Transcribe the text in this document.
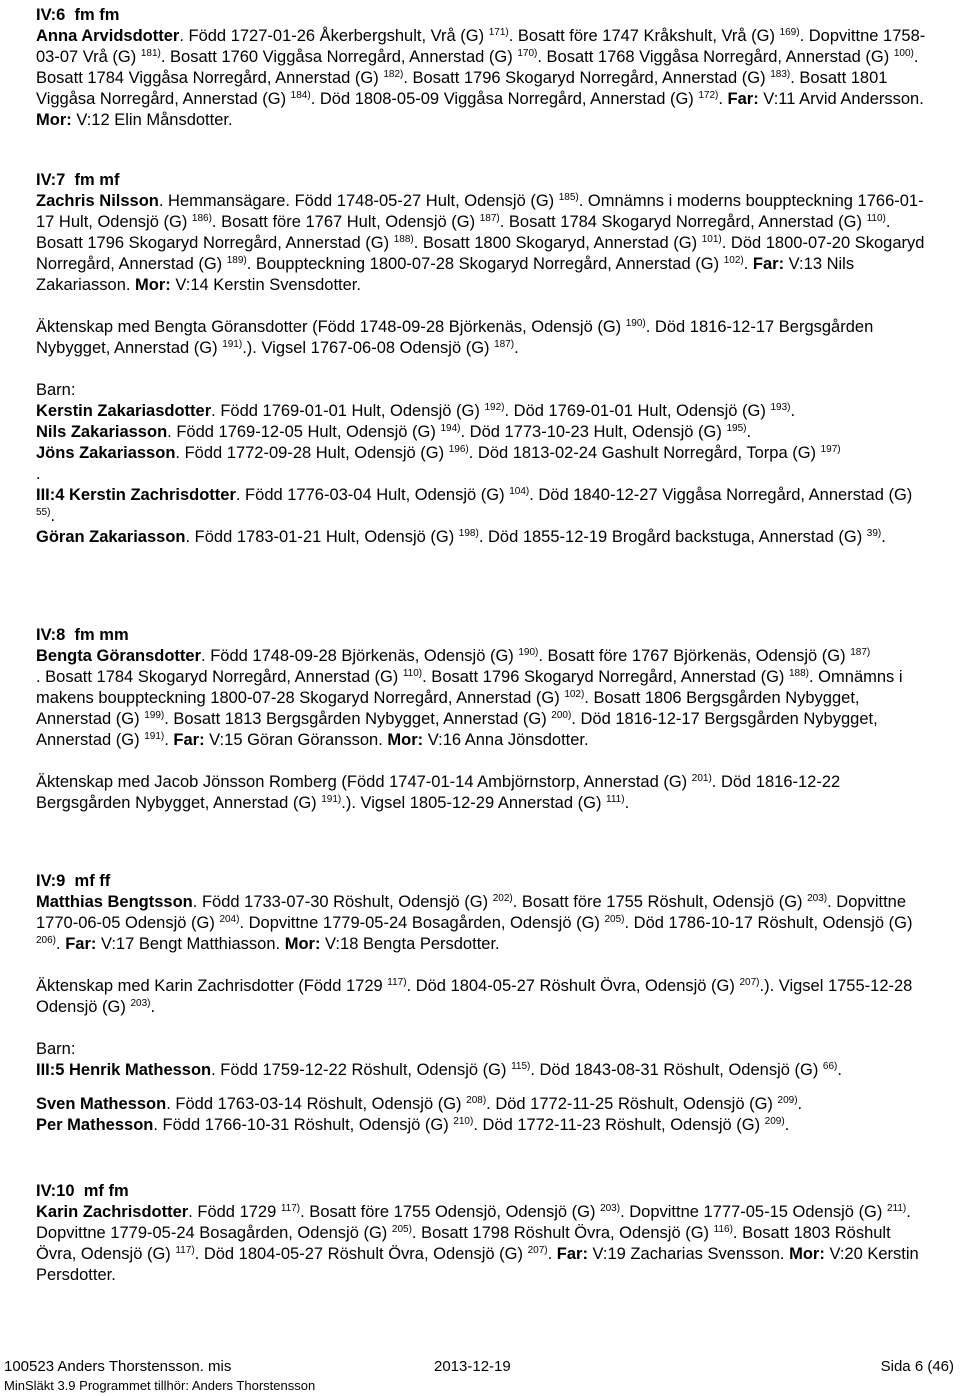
IV:6  fm fm

Anna Arvidsdotter. Född 1727-01-26 Åkerbergshult, Vrå (G) $^{171)}$. Bosatt före 1747 Kråkshult, Vrå (G) $^{169)}$. Dopvittne 1758-03-07 Vrå (G) $^{181)}$. Bosatt 1760 Viggåsa Norregård, Annerstad (G) $^{170)}$. Bosatt 1768 Viggåsa Norregård, Annerstad (G) $^{100)}$. Bosatt 1784 Viggåsa Norregård, Annerstad (G) $^{182)}$. Bosatt 1796 Skogaryd Norregård, Annerstad (G) $^{183)}$. Bosatt 1801 Viggåsa Norregård, Annerstad (G) $^{184)}$. Död 1808-05-09 Viggåsa Norregård, Annerstad (G) $^{172)}$. Far: V:11 Arvid Andersson. Mor: V:12 Elin Månsdotter.

IV:7  fm mf

Zachris Nilsson. Hemmansägare. Född 1748-05-27 Hult, Odensjö (G) $^{185)}$. Omnämns i moderns bouppteckning 1766-01-17 Hult, Odensjö (G) $^{186)}$. Bosatt före 1767 Hult, Odensjö (G) $^{187)}$. Bosatt 1784 Skogaryd Norregård, Annerstad (G) $^{110)}$. Bosatt 1796 Skogaryd Norregård, Annerstad (G) $^{188)}$. Bosatt 1800 Skogaryd, Annerstad (G) $^{101)}$. Död 1800-07-20 Skogaryd Norregård, Annerstad (G) $^{189)}$. Bouppteckning 1800-07-28 Skogaryd Norregård, Annerstad (G) $^{102)}$. Far: V:13 Nils Zakariasson. Mor: V:14 Kerstin Svensdotter.

Äktenskap med Bengta Göransdotter (Född 1748-09-28 Björkenäs, Odensjö (G) $^{190)}$. Död 1816-12-17 Bergsgården Nybygget, Annerstad (G) $^{191)}$.). Vigsel 1767-06-08 Odensjö (G) $^{187)}$.

Barn:
Kerstin Zakariasdotter. Född 1769-01-01 Hult, Odensjö (G) $^{192)}$. Död 1769-01-01 Hult, Odensjö (G) $^{193)}$.
Nils Zakariasson. Född 1769-12-05 Hult, Odensjö (G) $^{194)}$. Död 1773-10-23 Hult, Odensjö (G) $^{195)}$.
Jöns Zakariasson. Född 1772-09-28 Hult, Odensjö (G) $^{196)}$. Död 1813-02-24 Gashult Norregård, Torpa (G) $^{197)}$
.
III:4 Kerstin Zachrisdotter. Född 1776-03-04 Hult, Odensjö (G) $^{104)}$. Död 1840-12-27 Viggåsa Norregård, Annerstad (G) $^{55)}$.
Göran Zakariasson. Född 1783-01-21 Hult, Odensjö (G) $^{198)}$. Död 1855-12-19 Brogård backstuga, Annerstad (G) $^{39)}$.

IV:8  fm mm

Bengta Göransdotter. Född 1748-09-28 Björkenäs, Odensjö (G) $^{190)}$. Bosatt före 1767 Björkenäs, Odensjö (G) $^{187)}$
. Bosatt 1784 Skogaryd Norregård, Annerstad (G) $^{110)}$. Bosatt 1796 Skogaryd Norregård, Annerstad (G) $^{188)}$. Omnämns i makens bouppteckning 1800-07-28 Skogaryd Norregård, Annerstad (G) $^{102)}$. Bosatt 1806 Bergsgården Nybygget, Annerstad (G) $^{199)}$. Bosatt 1813 Bergsgården Nybygget, Annerstad (G) $^{200)}$. Död 1816-12-17 Bergsgården Nybygget, Annerstad (G) $^{191)}$. Far: V:15 Göran Göransson. Mor: V:16 Anna Jönsdotter.

Äktenskap med Jacob Jönsson Romberg (Född 1747-01-14 Ambjörnstorp, Annerstad (G) $^{201)}$. Död 1816-12-22 Bergsgården Nybygget, Annerstad (G) $^{191)}$.). Vigsel 1805-12-29 Annerstad (G) $^{111)}$.

IV:9  mf ff

Matthias Bengtsson. Född 1733-07-30 Röshult, Odensjö (G) $^{202)}$. Bosatt före 1755 Röshult, Odensjö (G) $^{203)}$. Dopvittne 1770-06-05 Odensjö (G) $^{204)}$. Dopvittne 1779-05-24 Bosagården, Odensjö (G) $^{205)}$. Död 1786-10-17 Röshult, Odensjö (G) $^{206)}$. Far: V:17 Bengt Matthiasson. Mor: V:18 Bengta Persdotter.

Äktenskap med Karin Zachrisdotter (Född 1729 $^{117)}$. Död 1804-05-27 Röshult Övra, Odensjö (G) $^{207)}$.). Vigsel 1755-12-28 Odensjö (G) $^{203)}$.

Barn:
III:5 Henrik Mathesson. Född 1759-12-22 Röshult, Odensjö (G) $^{115)}$. Död 1843-08-31 Röshult, Odensjö (G) $^{66)}$.

Sven Mathesson. Född 1763-03-14 Röshult, Odensjö (G) $^{208)}$. Död 1772-11-25 Röshult, Odensjö (G) $^{209)}$.
Per Mathesson. Född 1766-10-31 Röshult, Odensjö (G) $^{210)}$. Död 1772-11-23 Röshult, Odensjö (G) $^{209)}$.

IV:10  mf fm

Karin Zachrisdotter. Född 1729 $^{117)}$. Bosatt före 1755 Odensjö, Odensjö (G) $^{203)}$. Dopvittne 1777-05-15 Odensjö (G) $^{211)}$. Dopvittne 1779-05-24 Bosagården, Odensjö (G) $^{205)}$. Bosatt 1798 Röshult Övra, Odensjö (G) $^{116)}$. Bosatt 1803 Röshult Övra, Odensjö (G) $^{117)}$. Död 1804-05-27 Röshult Övra, Odensjö (G) $^{207)}$. Far: V:19 Zacharias Svensson. Mor: V:20 Kerstin Persdotter.

100523 Anders Thorstensson. mis	2013-12-19	Sida 6 (46)
MinSläkt 3.9 Programmet tillhör: Anders Thorstensson
